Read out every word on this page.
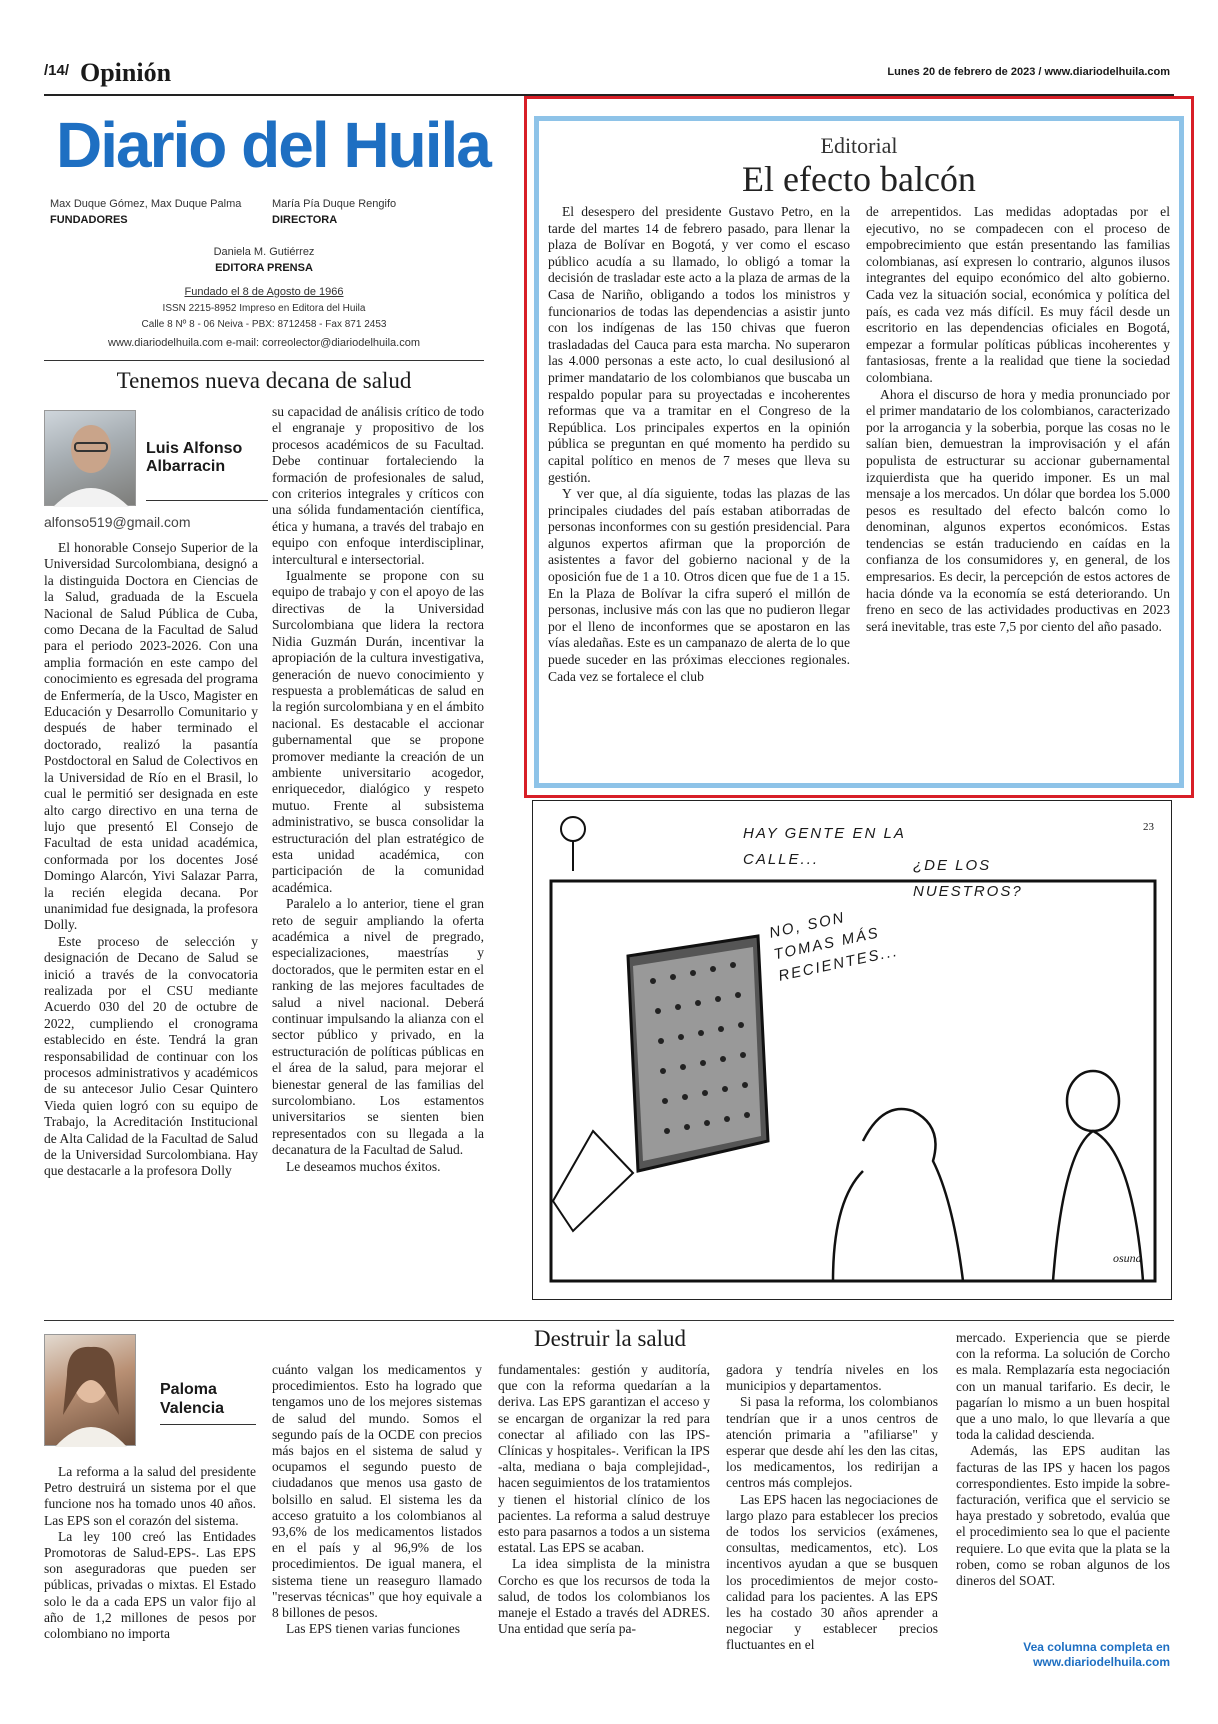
/14/ Opinión	Lunes 20 de febrero de 2023 / www.diariodelhuila.com
Diario del Huila
Max Duque Gómez, Max Duque Palma
FUNDADORES
María Pía Duque Rengifo
DIRECTORA
Daniela M. Gutiérrez
EDITORA PRENSA
Fundado el 8 de Agosto de 1966
ISSN 2215-8952 Impreso en Editora del Huila
Calle 8 Nº 8 - 06 Neiva - PBX: 8712458 - Fax 871 2453
www.diariodelhuila.com e-mail: correolector@diariodelhuila.com
Tenemos nueva decana de salud
Luis Alfonso Albarracin
alfonso519@gmail.com

El honorable Consejo Superior de la Universidad Surcolombiana, designó a la distinguida Doctora en Ciencias de la Salud, graduada de la Escuela Nacional de Salud Pública de Cuba, como Decana de la Facultad de Salud para el periodo 2023-2026. Con una amplia formación en este campo del conocimiento es egresada del programa de Enfermería, de la Usco, Magister en Educación y Desarrollo Comunitario y después de haber terminado el doctorado, realizó la pasantía Postdoctoral en Salud de Colectivos en la Universidad de Río en el Brasil, lo cual le permitió ser designada en este alto cargo directivo en una terna de lujo que presentó El Consejo de Facultad de esta unidad académica, conformada por los docentes José Domingo Alarcón, Yivi Salazar Parra, la recién elegida decana. Por unanimidad fue designada, la profesora Dolly.

Este proceso de selección y designación de Decano de Salud se inició a través de la convocatoria realizada por el CSU mediante Acuerdo 030 del 20 de octubre de 2022, cumpliendo el cronograma establecido en éste. Tendrá la gran responsabilidad de continuar con los procesos administrativos y académicos de su antecesor Julio Cesar Quintero Vieda quien logró con su equipo de Trabajo, la Acreditación Institucional de Alta Calidad de la Facultad de Salud de la Universidad Surcolombiana. Hay que destacarle a la profesora Dolly

su capacidad de análisis crítico de todo el engranaje y propositivo de los procesos académicos de su Facultad. Debe continuar fortaleciendo la formación de profesionales de salud, con criterios integrales y críticos con una sólida fundamentación científica, ética y humana, a través del trabajo en equipo con enfoque interdisciplinar, intercultural e intersectorial.

Igualmente se propone con su equipo de trabajo y con el apoyo de las directivas de la Universidad Surcolombiana que lidera la rectora Nidia Guzmán Durán, incentivar la apropiación de la cultura investigativa, generación de nuevo conocimiento y respuesta a problemáticas de salud en la región surcolombiana y en el ámbito nacional. Es destacable el accionar gubernamental que se propone promover mediante la creación de un ambiente universitario acogedor, enriquecedor, dialógico y respeto mutuo. Frente al subsistema administrativo, se busca consolidar la estructuración del plan estratégico de esta unidad académica, con participación de la comunidad académica.

Paralelo a lo anterior, tiene el gran reto de seguir ampliando la oferta académica a nivel de pregrado, especializaciones, maestrías y doctorados, que le permiten estar en el ranking de las mejores facultades de salud a nivel nacional. Deberá continuar impulsando la alianza con el sector público y privado, en la estructuración de políticas públicas en el área de la salud, para mejorar el bienestar general de las familias del surcolombiano. Los estamentos universitarios se sienten bien representados con su llegada a la decanatura de la Facultad de Salud.

Le deseamos muchos éxitos.

Editorial
El efecto balcón

El desespero del presidente Gustavo Petro, en la tarde del martes 14 de febrero pasado, para llenar la plaza de Bolívar en Bogotá, y ver como el escaso público acudía a su llamado, lo obligó a tomar la decisión de trasladar este acto a la plaza de armas de la Casa de Nariño, obligando a todos los ministros y funcionarios de todas las dependencias a asistir junto con los indígenas de las 150 chivas que fueron trasladadas del Cauca para esta marcha. No superaron las 4.000 personas a este acto, lo cual desilusionó al primer mandatario de los colombianos que buscaba un respaldo popular para su proyectadas e incoherentes reformas que va a tramitar en el Congreso de la República. Los principales expertos en la opinión pública se preguntan en qué momento ha perdido su capital político en menos de 7 meses que lleva su gestión.

Y ver que, al día siguiente, todas las plazas de las principales ciudades del país estaban atiborradas de personas inconformes con su gestión presidencial. Para algunos expertos afirman que la proporción de asistentes a favor del gobierno nacional y de la oposición fue de 1 a 10. Otros dicen que fue de 1 a 15. En la Plaza de Bolívar la cifra superó el millón de personas, inclusive más con las que no pudieron llegar por el lleno de inconformes que se apostaron en las vías aledañas. Este es un campanazo de alerta de lo que puede suceder en las próximas elecciones regionales. Cada vez se fortalece el club

de arrepentidos. Las medidas adoptadas por el ejecutivo, no se compadecen con el proceso de empobrecimiento que están presentando las familias colombianas, así expresen lo contrario, algunos ilusos integrantes del equipo económico del alto gobierno. Cada vez la situación social, económica y política del país, es cada vez más difícil. Es muy fácil desde un escritorio en las dependencias oficiales en Bogotá, empezar a formular políticas públicas incoherentes y fantasiosas, frente a la realidad que tiene la sociedad colombiana.

Ahora el discurso de hora y media pronunciado por el primer mandatario de los colombianos, caracterizado por la arrogancia y la soberbia, porque las cosas no le salían bien, demuestran la improvisación y el afán populista de estructurar su accionar gubernamental izquierdista que ha querido imponer. Es un mal mensaje a los mercados. Un dólar que bordea los 5.000 pesos es resultado del efecto balcón como lo denominan, algunos expertos económicos. Estas tendencias se están traduciendo en caídas en la confianza de los consumidores y, en general, de los empresarios. Es decir, la percepción de estos actores de hacia dónde va la economía se está deteriorando. Un freno en seco de las actividades productivas en 2023 será inevitable, tras este 7,5 por ciento del año pasado.

HAY GENTE EN LA CALLE...	¿DE LOS NUESTROS?
NO, SON TOMAS MÁS RECIENTES...
osuna
23
Destruir la salud
Paloma Valencia

La reforma a la salud del presidente Petro destruirá un sistema por el que funcione nos ha tomado unos 40 años. Las EPS son el corazón del sistema.

La ley 100 creó las Entidades Promotoras de Salud-EPS-. Las EPS son aseguradoras que pueden ser públicas, privadas o mixtas. El Estado solo le da a cada EPS un valor fijo al año de 1,2 millones de pesos por colombiano no importa

cuánto valgan los medicamentos y procedimientos. Esto ha logrado que tengamos uno de los mejores sistemas de salud del mundo. Somos el segundo país de la OCDE con precios más bajos en el sistema de salud y ocupamos el segundo puesto de ciudadanos que menos usa gasto de bolsillo en salud. El sistema les da acceso gratuito a los colombianos al 93,6% de los medicamentos listados en el país y al 96,9% de los procedimientos. De igual manera, el sistema tiene un reaseguro llamado "reservas técnicas" que hoy equivale a 8 billones de pesos.

Las EPS tienen varias funciones

fundamentales: gestión y auditoría, que con la reforma quedarían a la deriva. Las EPS garantizan el acceso y se encargan de organizar la red para conectar al afiliado con las IPS-Clínicas y hospitales-. Verifican la IPS -alta, mediana o baja complejidad-, hacen seguimientos de los tratamientos y tienen el historial clínico de los pacientes. La reforma a salud destruye esto para pasarnos a todos a un sistema estatal. Las EPS se acaban.

La idea simplista de la ministra Corcho es que los recursos de toda la salud, de todos los colombianos los maneje el Estado a través del ADRES. Una entidad que sería pa-

gadora y tendría niveles en los municipios y departamentos.

Si pasa la reforma, los colombianos tendrían que ir a unos centros de atención primaria a "afiliarse" y esperar que desde ahí les den las citas, los medicamentos, los redirijan a centros más complejos.

Las EPS hacen las negociaciones de largo plazo para establecer los precios de todos los servicios (exámenes, consultas, medicamentos, etc). Los incentivos ayudan a que se busquen los procedimientos de mejor costo-calidad para los pacientes. A las EPS les ha costado 30 años aprender a negociar y establecer precios fluctuantes en el

mercado. Experiencia que se pierde con la reforma. La solución de Corcho es mala. Remplazaría esta negociación con un manual tarifario. Es decir, le pagarían lo mismo a un buen hospital que a uno malo, lo que llevaría a que toda la calidad descienda.

Además, las EPS auditan las facturas de las IPS y hacen los pagos correspondientes. Esto impide la sobre-facturación, verifica que el servicio se haya prestado y sobretodo, evalúa que el procedimiento sea lo que el paciente requiere. Lo que evita que la plata se la roben, como se roban algunos de los dineros del SOAT.

Vea columna completa en www.diariodelhuila.com
